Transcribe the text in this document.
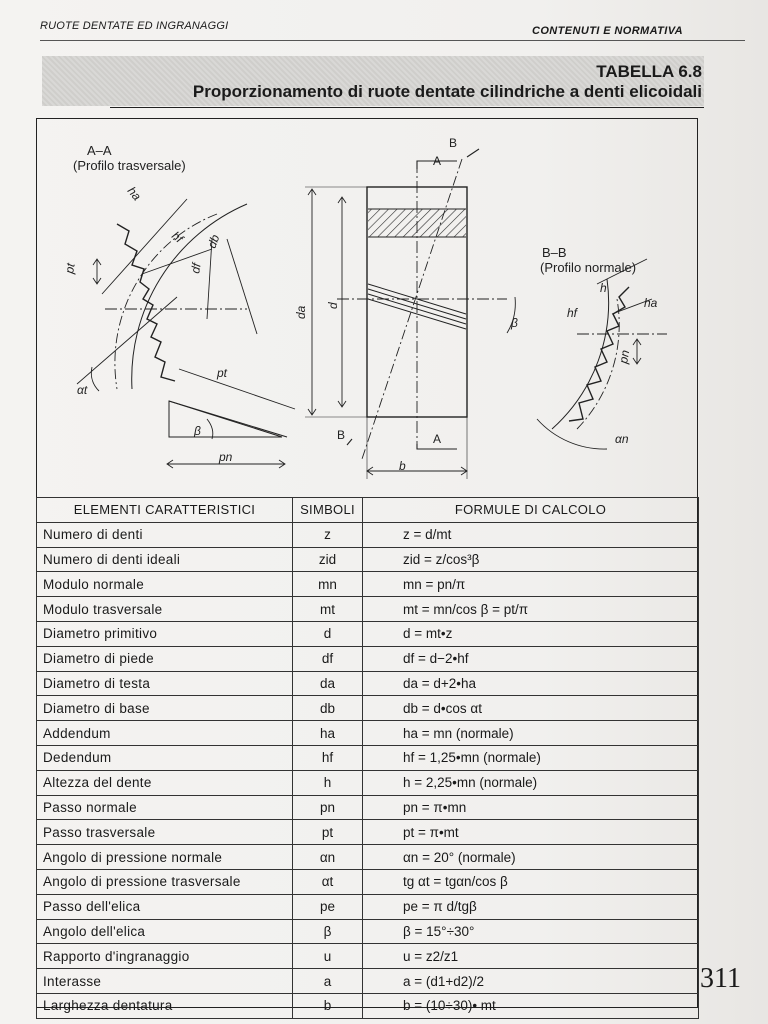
RUOTE DENTATE ED INGRANAGGI	CONTENUTI E NORMATIVA
TABELLA 6.8
Proporzionamento di ruote dentate cilindriche a denti elicoidali
A–A
(Profilo trasversale)
ha
hf db
df
pt
αt
pt
β
pn
A
B
A
B
da d
b
β
B–B
(Profilo normale)
h
ha
hf
pn
αn
ELEMENTI CARATTERISTICI	SIMBOLI	FORMULE DI CALCOLO
Numero di denti	z	z = d/mt
Numero di denti ideali	zid	zid = z/cos³β
Modulo normale	mn	mn = pn/π
Modulo trasversale	mt	mt = mn/cos β = pt/π
Diametro primitivo	d	d = mt•z
Diametro di piede	df	df = d−2•hf
Diametro di testa	da	da = d+2•ha
Diametro di base	db	db = d•cos αt
Addendum	ha	ha = mn (normale)
Dedendum	hf	hf = 1,25•mn (normale)
Altezza del dente	h	h = 2,25•mn (normale)
Passo normale	pn	pn = π•mn
Passo trasversale	pt	pt = π•mt
Angolo di pressione normale	αn	αn = 20° (normale)
Angolo di pressione trasversale	αt	tg αt = tgαn/cos β
Passo dell'elica	pe	pe = π d/tgβ
Angolo dell'elica	β	β = 15°÷30°
Rapporto d'ingranaggio	u	u = z2/z1
Interasse	a	a = (d1+d2)/2
Larghezza dentatura	b	b = (10÷30)• mt
311
